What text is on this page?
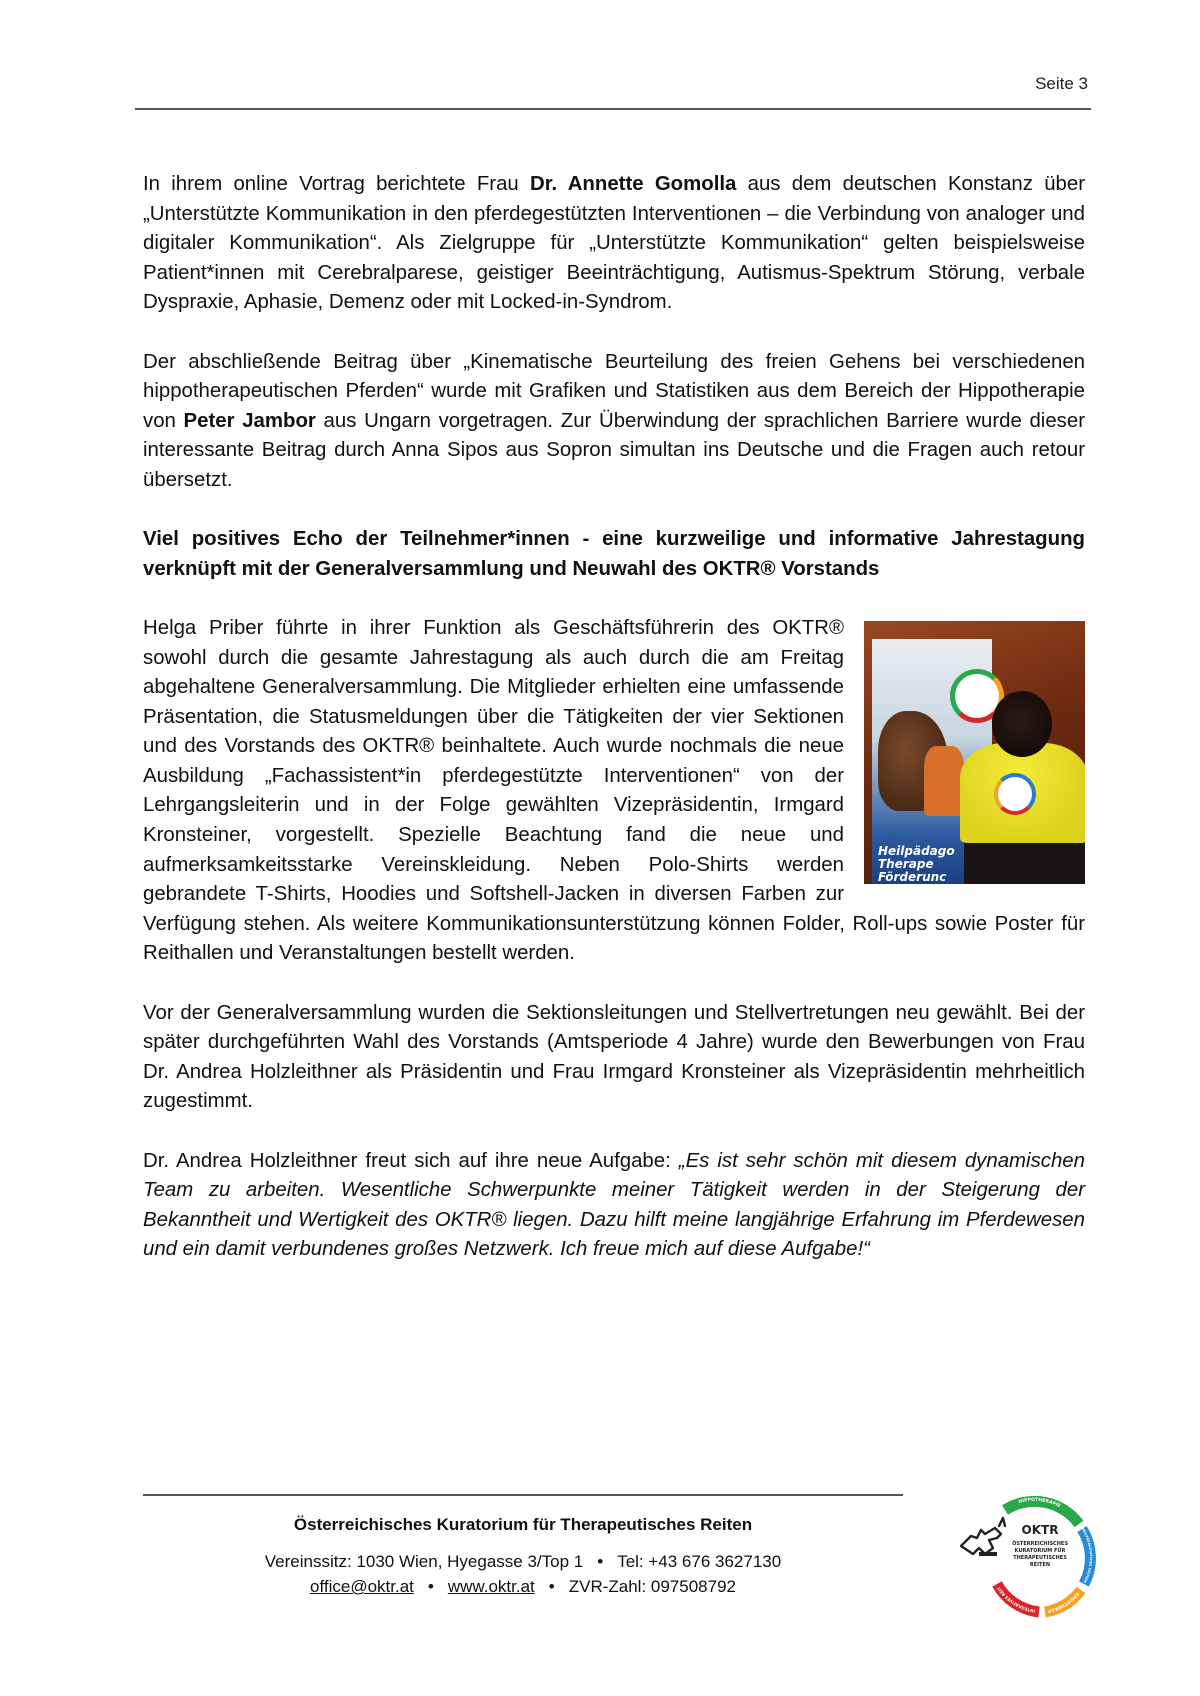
Seite 3

In ihrem online Vortrag berichtete Frau Dr. Annette Gomolla aus dem deutschen Konstanz über „Unterstützte Kommunikation in den pferdegestützten Interventionen – die Verbindung von analoger und digitaler Kommunikation“. Als Zielgruppe für „Unterstützte Kommunikation“ gelten beispielsweise Patient*innen mit Cerebralparese, geistiger Beeinträchtigung, Autismus-Spektrum Störung, verbale Dyspraxie, Aphasie, Demenz oder mit Locked-in-Syndrom.

Der abschließende Beitrag über „Kinematische Beurteilung des freien Gehens bei verschiedenen hippotherapeutischen Pferden“ wurde mit Grafiken und Statistiken aus dem Bereich der Hippotherapie von Peter Jambor aus Ungarn vorgetragen. Zur Überwindung der sprachlichen Barriere wurde dieser interessante Beitrag durch Anna Sipos aus Sopron simultan ins Deutsche und die Fragen auch retour übersetzt.

Viel positives Echo der Teilnehmer*innen - eine kurzweilige und informative Jahrestagung verknüpft mit der Generalversammlung und Neuwahl des OKTR® Vorstands

Heilpädago
Therape
Förderunc
Helga Priber führte in ihrer Funktion als Geschäftsführerin des OKTR® sowohl durch die gesamte Jahrestagung als auch durch die am Freitag abgehaltene Generalversammlung. Die Mitglieder erhielten eine umfassende Präsentation, die Statusmeldungen über die Tätigkeiten der vier Sektionen und des Vorstands des OKTR® beinhaltete. Auch wurde nochmals die neue Ausbildung „Fachassistent*in pferdegestützte Interventionen“ von der Lehrgangsleiterin und in der Folge gewählten Vizepräsidentin, Irmgard Kronsteiner, vorgestellt. Spezielle Beachtung fand die neue und aufmerksamkeitsstarke Vereinskleidung. Neben Polo-Shirts werden gebrandete T-Shirts, Hoodies und Softshell-Jacken in diversen Farben zur Verfügung stehen. Als weitere Kommunikationsunterstützung können Folder, Roll-ups sowie Poster für Reithallen und Veranstaltungen bestellt werden.

Vor der Generalversammlung wurden die Sektionsleitungen und Stellvertretungen neu gewählt. Bei der später durchgeführten Wahl des Vorstands (Amtsperiode 4 Jahre) wurde den Bewerbungen von Frau Dr. Andrea Holzleithner als Präsidentin und Frau Irmgard Kronsteiner als Vizepräsidentin mehrheitlich zugestimmt.

Dr. Andrea Holzleithner freut sich auf ihre neue Aufgabe: „Es ist sehr schön mit diesem dynamischen Team zu arbeiten. Wesentliche Schwerpunkte meiner Tätigkeit werden in der Steigerung der Bekanntheit und Wertigkeit des OKTR® liegen. Dazu hilft meine langjährige Erfahrung im Pferdewesen und ein damit verbundenes großes Netzwerk. Ich freue mich auf diese Aufgabe!“

Österreichisches Kuratorium für Therapeutisches Reiten
Vereinssitz: 1030 Wien, Hyegasse 3/Top 1 • Tel: +43 676 3627130
office@oktr.at • www.oktr.at • ZVR-Zahl: 097508792
HIPPOTHERAPIE
HEILPÄDAGOGISCHES VOLTIGIE
ERGOTHERAP
INTEGRATIVES REIT
OKTR
ÖSTERREICHISCHES
KURATORIUM FÜR
THERAPEUTISCHES
REITEN
